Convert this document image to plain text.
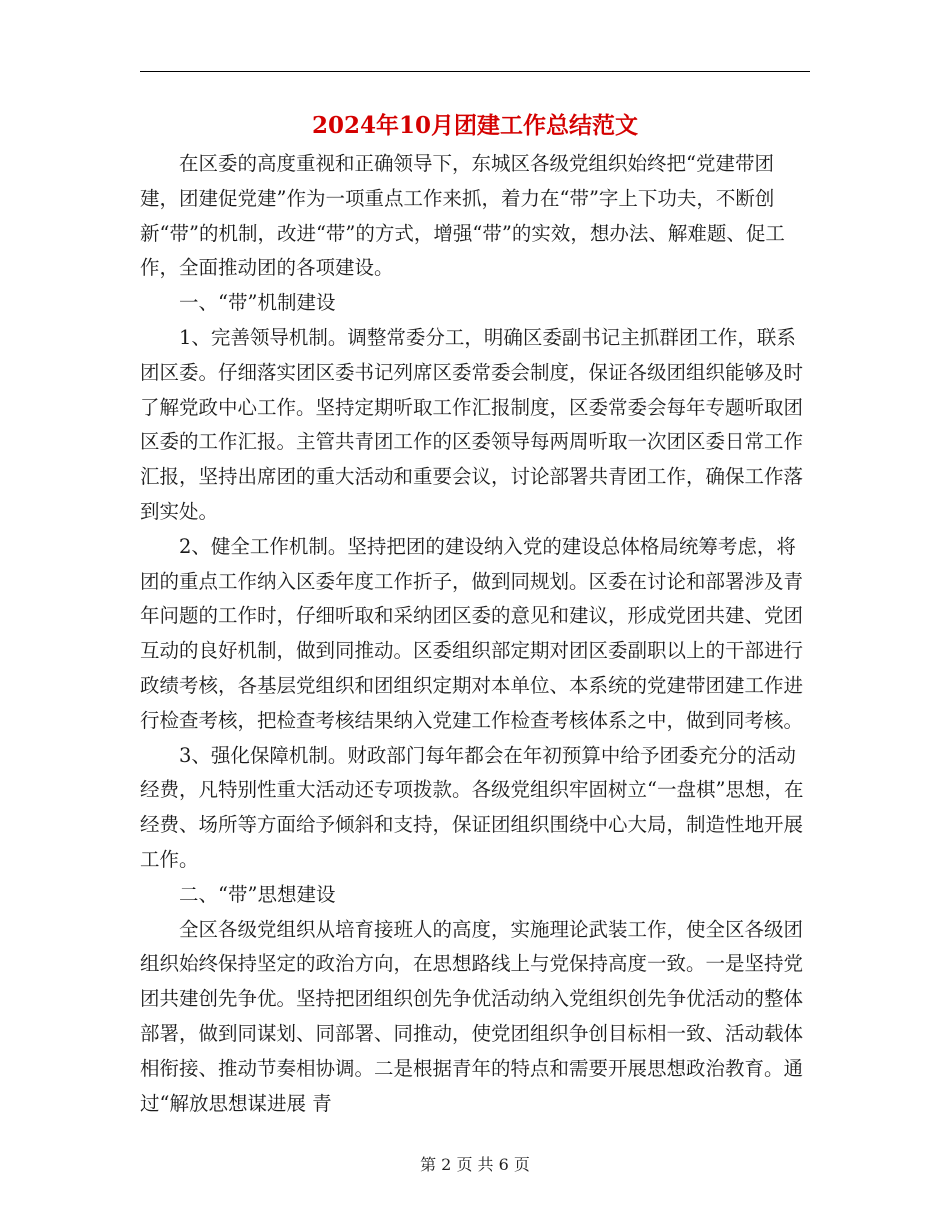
2024年10月团建工作总结范文

在区委的高度重视和正确领导下，东城区各级党组织始终把“党建带团建，团建促党建”作为一项重点工作来抓，着力在“带”字上下功夫，不断创新“带”的机制，改进“带”的方式，增强“带”的实效，想办法、解难题、促工作，全面推动团的各项建设。

一、“带”机制建设

1、完善领导机制。调整常委分工，明确区委副书记主抓群团工作，联系团区委。仔细落实团区委书记列席区委常委会制度，保证各级团组织能够及时了解党政中心工作。坚持定期听取工作汇报制度，区委常委会每年专题听取团区委的工作汇报。主管共青团工作的区委领导每两周听取一次团区委日常工作汇报，坚持出席团的重大活动和重要会议，讨论部署共青团工作，确保工作落到实处。

2、健全工作机制。坚持把团的建设纳入党的建设总体格局统筹考虑，将团的重点工作纳入区委年度工作折子，做到同规划。区委在讨论和部署涉及青年问题的工作时，仔细听取和采纳团区委的意见和建议，形成党团共建、党团互动的良好机制，做到同推动。区委组织部定期对团区委副职以上的干部进行政绩考核，各基层党组织和团组织定期对本单位、本系统的党建带团建工作进行检查考核，把检查考核结果纳入党建工作检查考核体系之中，做到同考核。

3、强化保障机制。财政部门每年都会在年初预算中给予团委充分的活动经费，凡特别性重大活动还专项拨款。各级党组织牢固树立“一盘棋”思想，在经费、场所等方面给予倾斜和支持，保证团组织围绕中心大局，制造性地开展工作。

二、“带”思想建设

全区各级党组织从培育接班人的高度，实施理论武装工作，使全区各级团组织始终保持坚定的政治方向，在思想路线上与党保持高度一致。一是坚持党团共建创先争优。坚持把团组织创先争优活动纳入党组织创先争优活动的整体部署，做到同谋划、同部署、同推动，使党团组织争创目标相一致、活动载体相衔接、推动节奏相协调。二是根据青年的特点和需要开展思想政治教育。通过“解放思想谋进展 青

第 2 页 共 6 页
